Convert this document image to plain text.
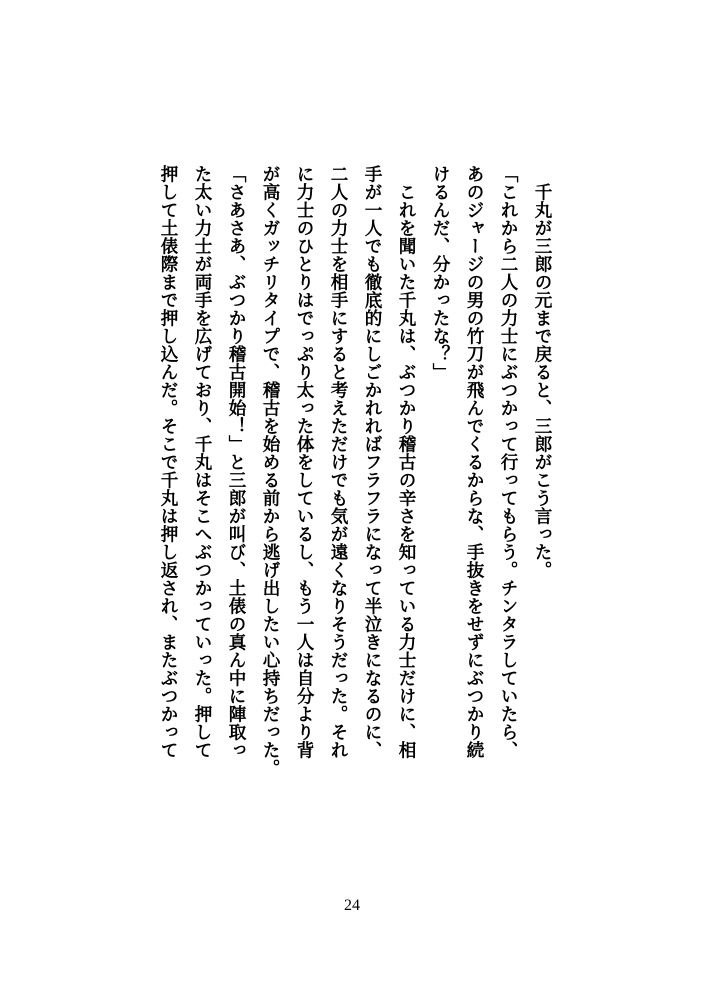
　千丸が三郎の元まで戻ると、三郎がこう言った。
「これから二人の力士にぶつかって行ってもらう。チンタラしていたら、
あのジャージの男の竹刀が飛んでくるからな、手抜きをせずにぶつかり続
けるんだ、分かったな？」
　これを聞いた千丸は、ぶつかり稽古の辛さを知っている力士だけに、相
手が一人でも徹底的にしごかれればフラフラになって半泣きになるのに、
二人の力士を相手にすると考えただけでも気が遠くなりそうだった。それ
に力士のひとりはでっぷり太った体をしているし、もう一人は自分より背
が高くガッチリタイプで、稽古を始める前から逃げ出したい心持ちだった。
「さあさあ、ぶつかり稽古開始！」と三郎が叫び、土俵の真ん中に陣取っ
た太い力士が両手を広げており、千丸はそこへぶつかっていった。押して
押して土俵際まで押し込んだ。そこで千丸は押し返され、またぶつかって
24
